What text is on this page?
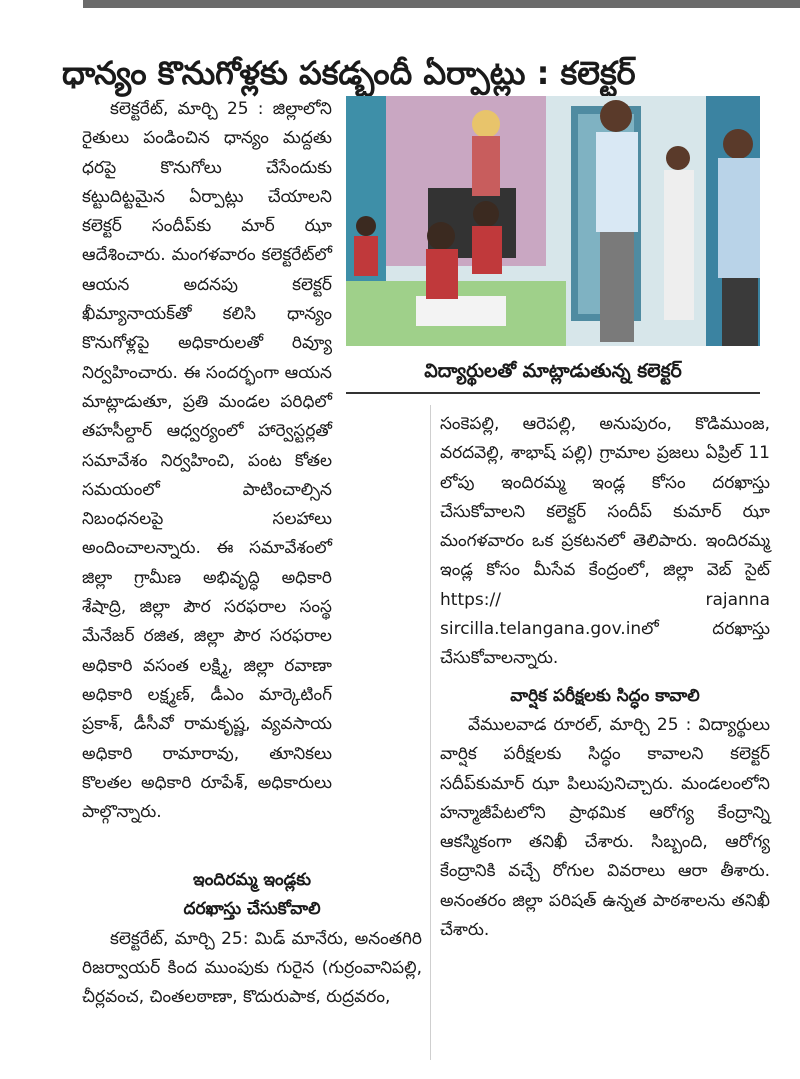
ధాన్యం కొనుగోళ్లకు పకడ్బందీ ఏర్పాట్లు : కలెక్టర్
విద్యార్థులతో మాట్లాడుతున్న కలెక్టర్

కలెక్టరేట్, మార్చి 25 : జిల్లాలోని రైతులు పండించిన ధాన్యం మద్దతు ధరపై కొనుగోలు చేసేందుకు కట్టుదిట్టమైన ఏర్పాట్లు చేయాలని కలెక్టర్ సందీప్‌కు మార్ ఝా ఆదేశించారు. మంగళవారం కలెక్టరేట్‌లో ఆయన అదనపు కలెక్టర్ ఖీమ్యానాయక్‌తో కలిసి ధాన్యం కొనుగోళ్లపై అధికారులతో రివ్యూ నిర్వహించారు. ఈ సందర్భంగా ఆయన మాట్లాడుతూ, ప్రతి మండల పరిధిలో తహసీల్దార్ ఆధ్వర్యంలో హార్వెస్టర్లతో సమావేశం నిర్వహించి, పంట కోతల సమయంలో పాటించాల్సిన నిబంధనలపై సలహాలు అందించాలన్నారు. ఈ సమావేశంలో జిల్లా గ్రామీణ అభివృద్ధి అధికారి శేషాద్రి, జిల్లా పౌర సరఫరాల సంస్థ మేనేజర్ రజిత, జిల్లా పౌర సరఫరాల అధికారి వసంత లక్ష్మి, జిల్లా రవాణా అధికారి లక్ష్మణ్, డీఎం మార్కెటింగ్ ప్రకాశ్, డీసీవో రామకృష్ణ, వ్యవసాయ అధికారి రామారావు, తూనికలు కొలతల అధికారి రూపేశ్, అధికారులు పాల్గొన్నారు.

ఇందిరమ్మ ఇండ్లకు
దరఖాస్తు చేసుకోవాలి

కలెక్టరేట్, మార్చి 25: మిడ్ మానేరు, అనంతగిరి రిజర్వాయర్ కింద ముంపుకు గురైన (గుర్రంవానిపల్లి, చీర్లవంచ, చింతలఠాణా, కొదురుపాక, రుద్రవరం,

సంకెపల్లి, ఆరెపల్లి, అనుపురం, కొడిముంజ, వరదవెల్లి, శాభాష్ పల్లి) గ్రామాల ప్రజలు ఏప్రిల్ 11 లోపు ఇందిరమ్మ ఇండ్ల కోసం దరఖాస్తు చేసుకోవాలని కలెక్టర్ సందీప్ కుమార్ ఝా మంగళవారం ఒక ప్రకటనలో తెలిపారు. ఇందిరమ్మ ఇండ్ల కోసం మీసేవ కేంద్రంలో, జిల్లా వెబ్ సైట్ https:// rajanna sircilla.telangana.gov.inలో దరఖాస్తు చేసుకోవాలన్నారు.

వార్షిక పరీక్షలకు సిద్ధం కావాలి

వేములవాడ రూరల్, మార్చి 25 : విద్యార్థులు వార్షిక పరీక్షలకు సిద్ధం కావాలని కలెక్టర్ సదీప్‌కుమార్ ఝా పిలుపునిచ్చారు. మండలంలోని హన్మాజీపేటలోని ప్రాథమిక ఆరోగ్య కేంద్రాన్ని ఆకస్మికంగా తనిఖీ చేశారు. సిబ్బంది, ఆరోగ్య కేంద్రానికి వచ్చే రోగుల వివరాలు ఆరా తీశారు. అనంతరం జిల్లా పరిషత్ ఉన్నత పాఠశాలను తనిఖీ చేశారు.
